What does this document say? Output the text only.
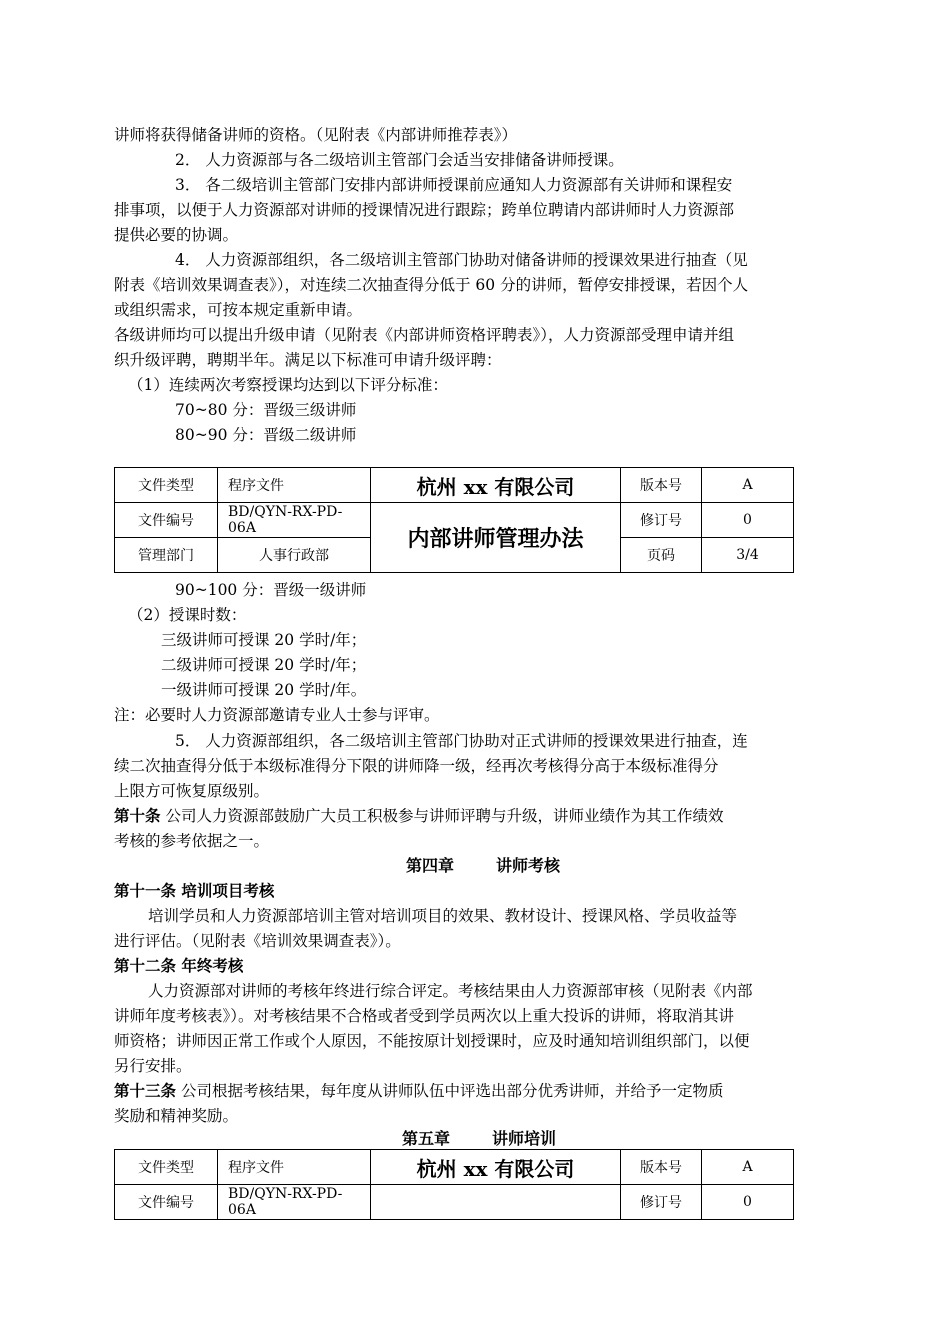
讲师将获得储备讲师的资格。（见附表《内部讲师推荐表》）
2． 人力资源部与各二级培训主管部门会适当安排储备讲师授课。
3． 各二级培训主管部门安排内部讲师授课前应通知人力资源部有关讲师和课程安
排事项，以便于人力资源部对讲师的授课情况进行跟踪；跨单位聘请内部讲师时人力资源部
提供必要的协调。
4． 人力资源部组织，各二级培训主管部门协助对储备讲师的授课效果进行抽查（见
附表《培训效果调查表》），对连续二次抽查得分低于 60 分的讲师，暂停安排授课，若因个人
或组织需求，可按本规定重新申请。
各级讲师均可以提出升级申请（见附表《内部讲师资格评聘表》），人力资源部受理申请并组
织升级评聘，聘期半年。满足以下标准可申请升级评聘：
（1）连续两次考察授课均达到以下评分标准：
70~80 分：晋级三级讲师
80~90 分：晋级二级讲师
文件类型	程序文件	杭州 xx 有限公司	版本号	A
文件编号	BD/QYN-RX-PD-06A	内部讲师管理办法	修订号	0
管理部门	人事行政部		页码	3/4
90~100 分：晋级一级讲师
（2）授课时数：
三级讲师可授课 20 学时/年；
二级讲师可授课 20 学时/年；
一级讲师可授课 20 学时/年。
注：必要时人力资源部邀请专业人士参与评审。
5． 人力资源部组织，各二级培训主管部门协助对正式讲师的授课效果进行抽查，连
续二次抽查得分低于本级标准得分下限的讲师降一级，经再次考核得分高于本级标准得分
上限方可恢复原级别。
第十条 公司人力资源部鼓励广大员工积极参与讲师评聘与升级，讲师业绩作为其工作绩效
考核的参考依据之一。
第四章	讲师考核
第十一条 培训项目考核
培训学员和人力资源部培训主管对培训项目的效果、教材设计、授课风格、学员收益等
进行评估。（见附表《培训效果调查表》）。
第十二条 年终考核
人力资源部对讲师的考核年终进行综合评定。考核结果由人力资源部审核（见附表《内部
讲师年度考核表》）。对考核结果不合格或者受到学员两次以上重大投诉的讲师，将取消其讲
师资格；讲师因正常工作或个人原因，不能按原计划授课时，应及时通知培训组织部门，以便
另行安排。
第十三条 公司根据考核结果，每年度从讲师队伍中评选出部分优秀讲师，并给予一定物质
奖励和精神奖励。
第五章	讲师培训
文件类型	程序文件	杭州 xx 有限公司	版本号	A
文件编号	BD/QYN-RX-PD-06A		修订号	0
